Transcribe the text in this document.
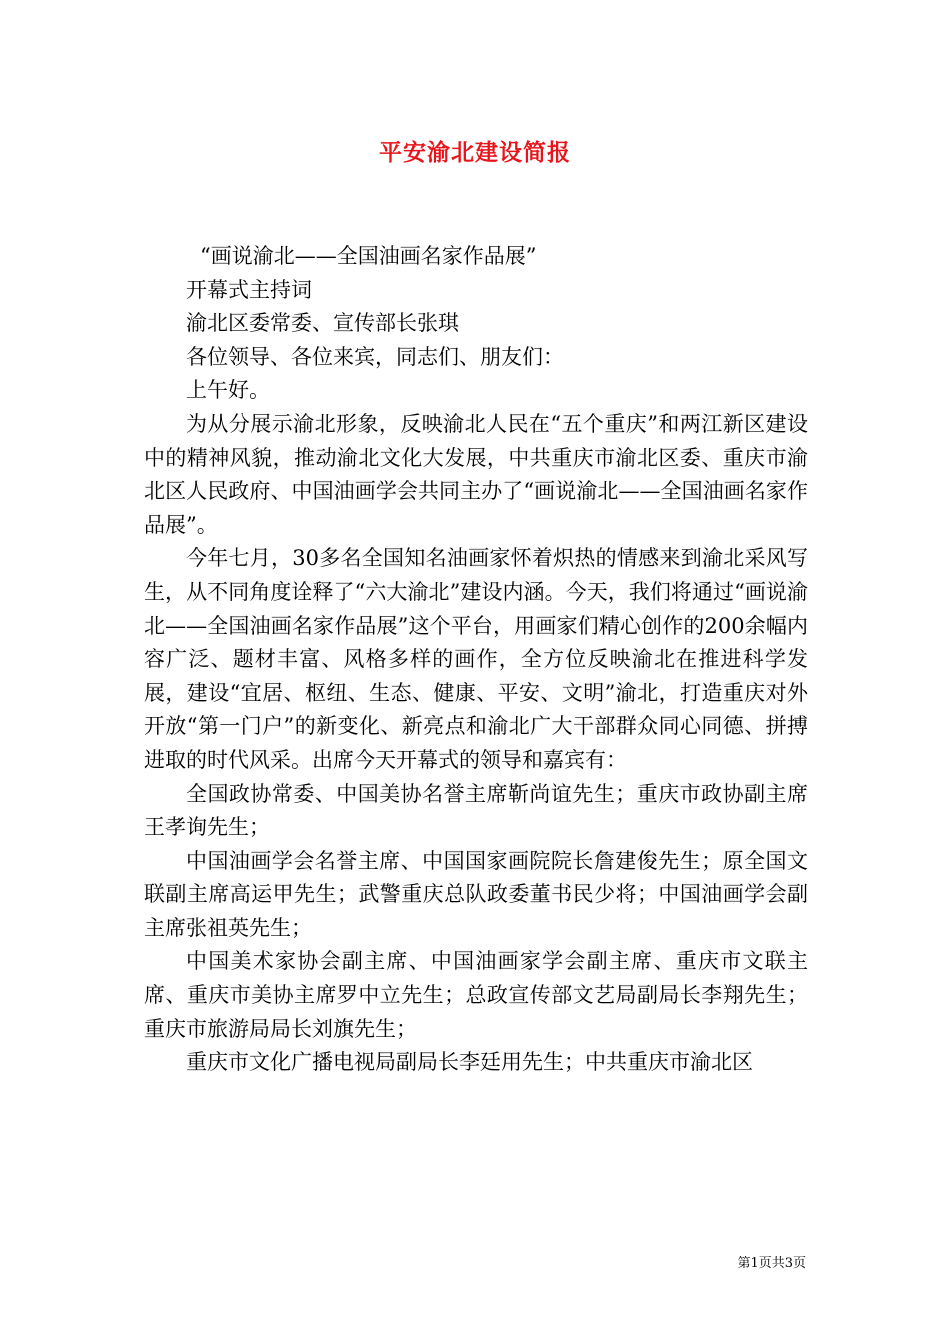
平安渝北建设简报

“画说渝北——全国油画名家作品展”

开幕式主持词

渝北区委常委、宣传部长张琪

各位领导、各位来宾，同志们、朋友们：

上午好。

为从分展示渝北形象，反映渝北人民在“五个重庆”和两江新区建设中的精神风貌，推动渝北文化大发展，中共重庆市渝北区委、重庆市渝北区人民政府、中国油画学会共同主办了“画说渝北——全国油画名家作品展”。

今年七月，30多名全国知名油画家怀着炽热的情感来到渝北采风写生，从不同角度诠释了“六大渝北”建设内涵。今天，我们将通过“画说渝北——全国油画名家作品展”这个平台，用画家们精心创作的200余幅内容广泛、题材丰富、风格多样的画作，全方位反映渝北在推进科学发展，建设“宜居、枢纽、生态、健康、平安、文明”渝北，打造重庆对外开放“第一门户”的新变化、新亮点和渝北广大干部群众同心同德、拼搏进取的时代风采。出席今天开幕式的领导和嘉宾有：

全国政协常委、中国美协名誉主席靳尚谊先生；重庆市政协副主席王孝询先生；

中国油画学会名誉主席、中国国家画院院长詹建俊先生；原全国文联副主席高运甲先生；武警重庆总队政委董书民少将；中国油画学会副主席张祖英先生；

中国美术家协会副主席、中国油画家学会副主席、重庆市文联主席、重庆市美协主席罗中立先生；总政宣传部文艺局副局长李翔先生；重庆市旅游局局长刘旗先生；

重庆市文化广播电视局副局长李廷用先生；中共重庆市渝北区

第1页共3页
